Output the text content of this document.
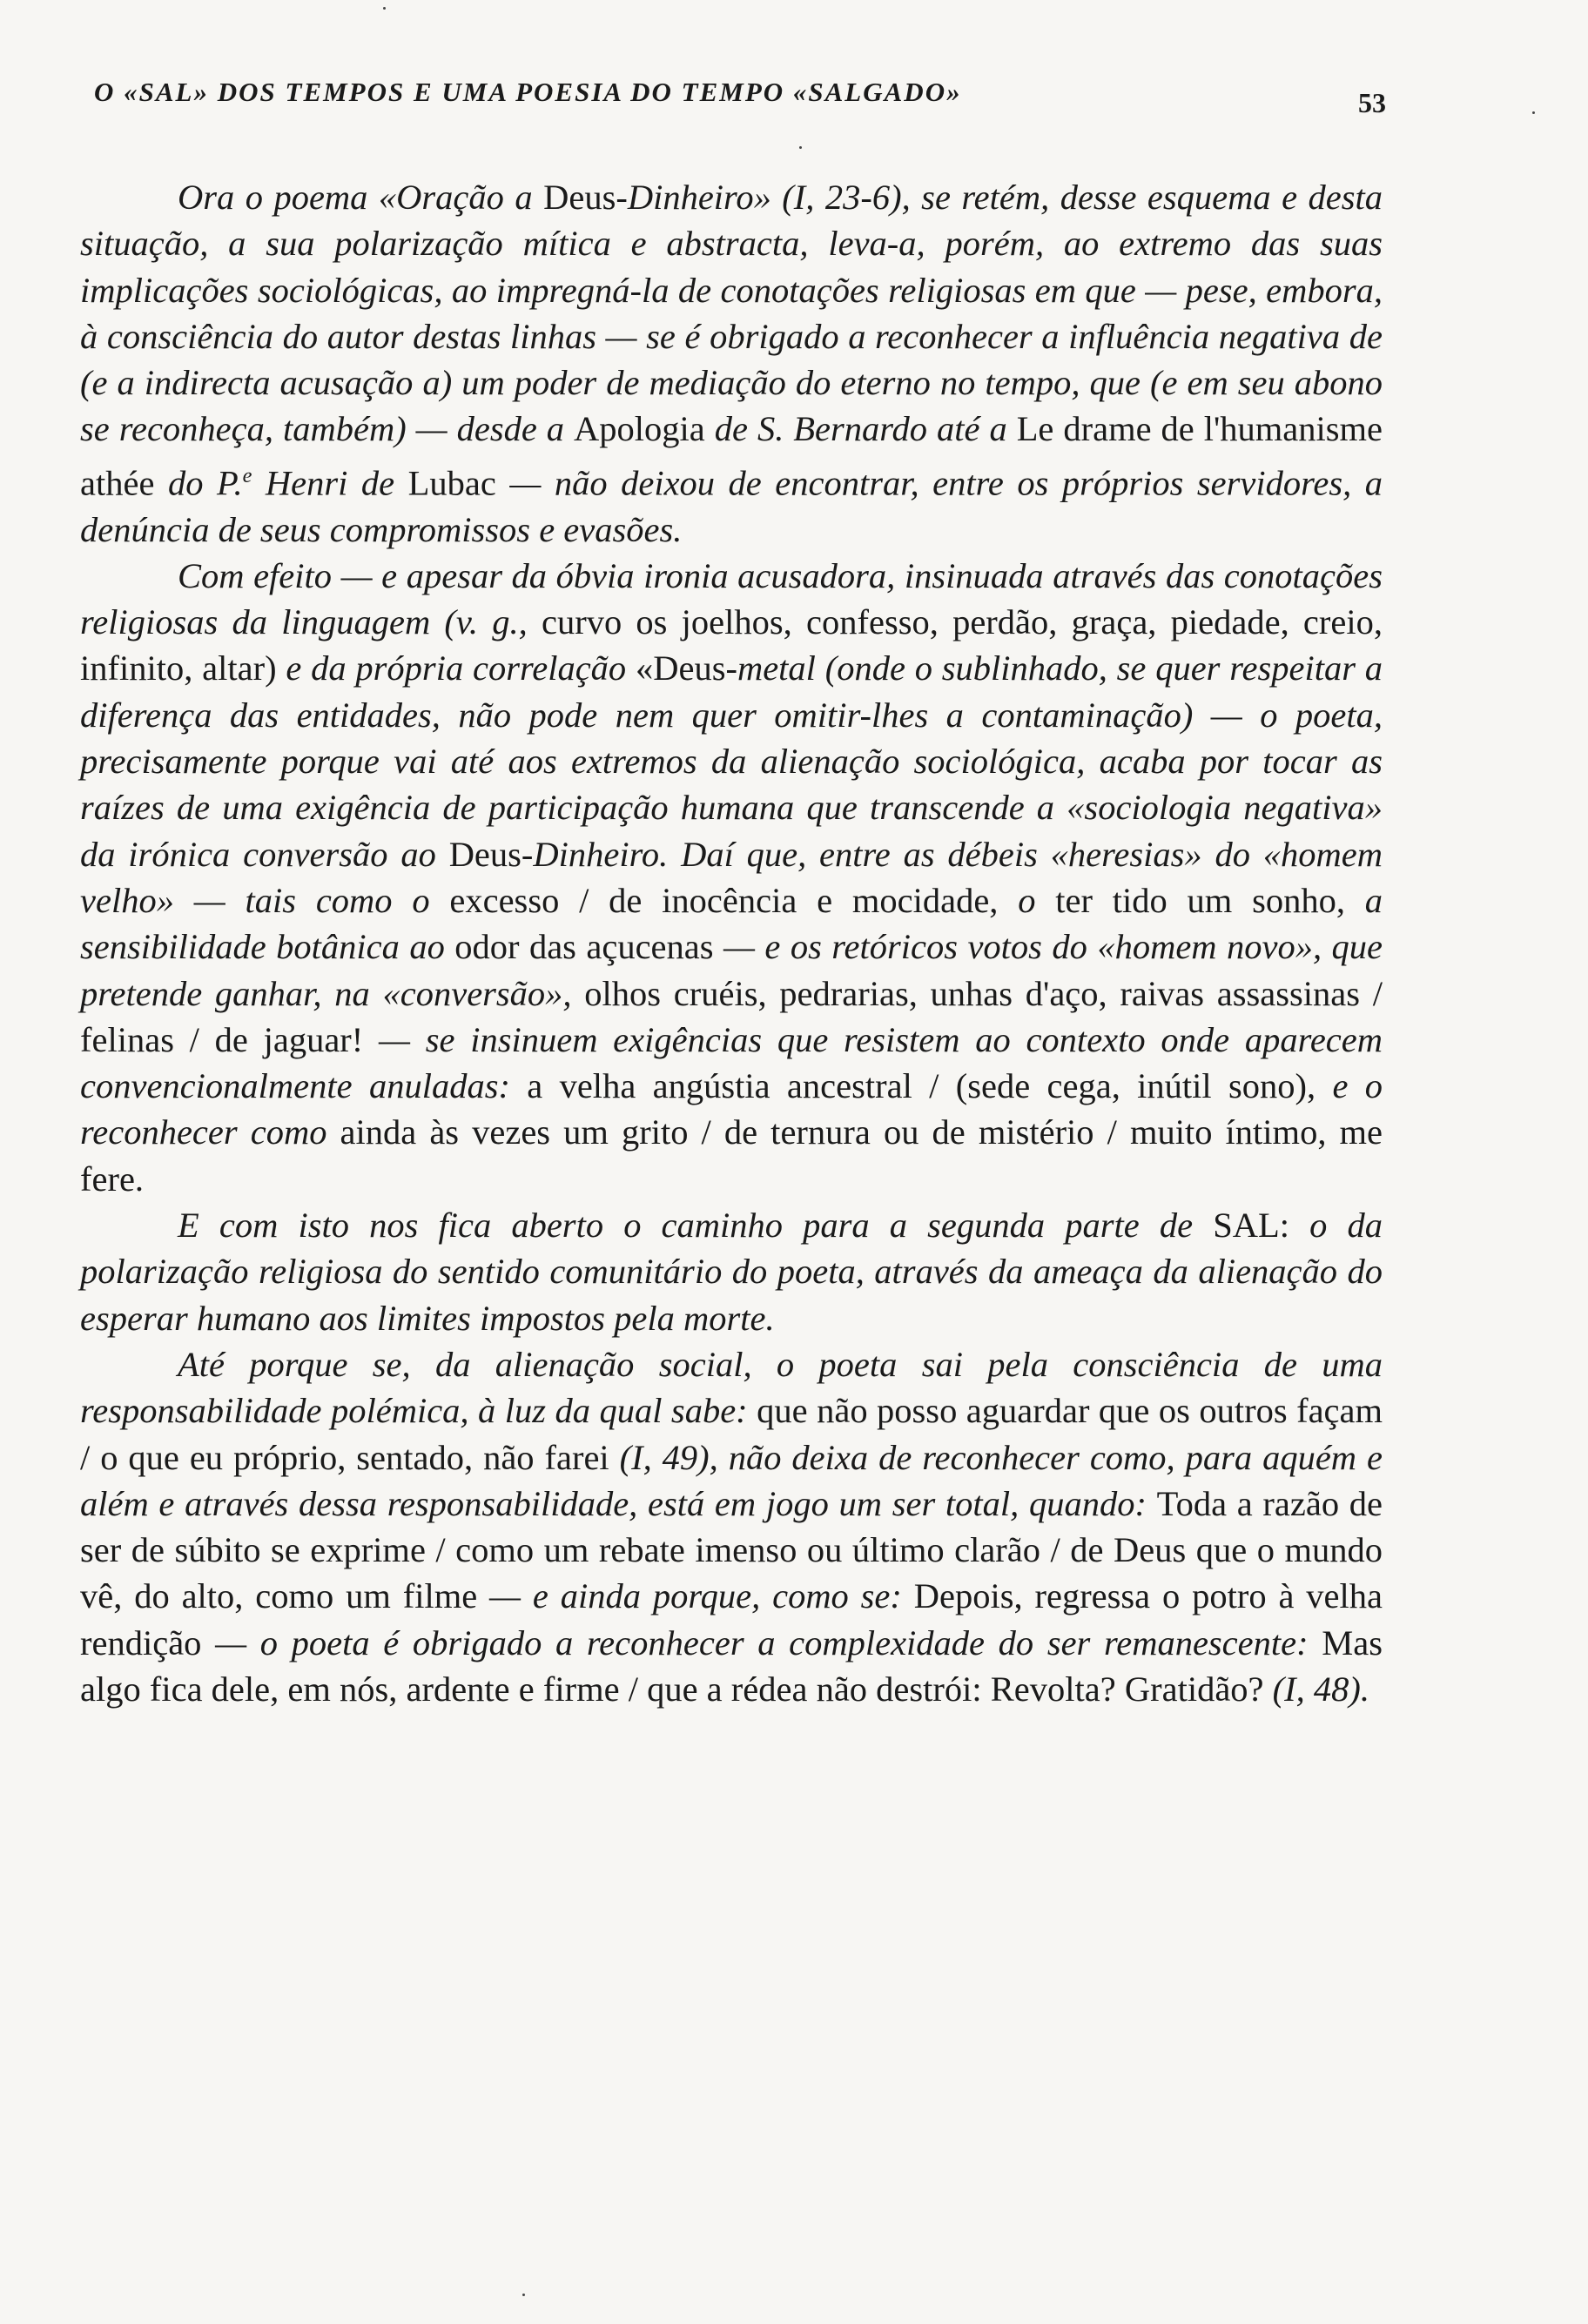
O «SAL» DOS TEMPOS E UMA POESIA DO TEMPO «SALGADO»	53

Ora o poema «Oração a Deus-Dinheiro» (I, 23-6), se retém, desse esquema e desta situação, a sua polarização mítica e abstracta, leva-a, porém, ao extremo das suas implicações sociológicas, ao impregná-la de conotações religiosas em que — pese, embora, à consciência do autor destas linhas — se é obrigado a reconhecer a influência negativa de (e a indirecta acusação a) um poder de mediação do eterno no tempo, que (e em seu abono se reconheça, também) — desde a Apologia de S. Bernardo até a Le drame de l'humanisme athée do P.$^e$ Henri de Lubac — não deixou de encontrar, entre os próprios servidores, a denúncia de seus compromissos e evasões.

Com efeito — e apesar da óbvia ironia acusadora, insinuada através das conotações religiosas da linguagem (v. g., curvo os joelhos, confesso, perdão, graça, piedade, creio, infinito, altar) e da própria correlação «Deus-metal (onde o sublinhado, se quer respeitar a diferença das entidades, não pode nem quer omitir-lhes a contaminação) — o poeta, precisamente porque vai até aos extremos da alienação sociológica, acaba por tocar as raízes de uma exigência de participação humana que transcende a «sociologia negativa» da irónica conversão ao Deus-Dinheiro. Daí que, entre as débeis «heresias» do «homem velho» — tais como o excesso / de inocência e mocidade, o ter tido um sonho, a sensibilidade botânica ao odor das açucenas — e os retóricos votos do «homem novo», que pretende ganhar, na «conversão», olhos cruéis, pedrarias, unhas d'aço, raivas assassinas / felinas / de jaguar! — se insinuem exigências que resistem ao contexto onde aparecem convencionalmente anuladas: a velha angústia ancestral / (sede cega, inútil sono), e o reconhecer como ainda às vezes um grito / de ternura ou de mistério / muito íntimo, me fere.

E com isto nos fica aberto o caminho para a segunda parte de SAL: o da polarização religiosa do sentido comunitário do poeta, através da ameaça da alienação do esperar humano aos limites impostos pela morte.

Até porque se, da alienação social, o poeta sai pela consciência de uma responsabilidade polémica, à luz da qual sabe: que não posso aguardar que os outros façam / o que eu próprio, sentado, não farei (I, 49), não deixa de reconhecer como, para aquém e além e através dessa responsabilidade, está em jogo um ser total, quando: Toda a razão de ser de súbito se exprime / como um rebate imenso ou último clarão / de Deus que o mundo vê, do alto, como um filme — e ainda porque, como se: Depois, regressa o potro à velha rendição — o poeta é obrigado a reconhecer a complexidade do ser remanescente: Mas algo fica dele, em nós, ardente e firme / que a rédea não destrói: Revolta? Gratidão? (I, 48).
